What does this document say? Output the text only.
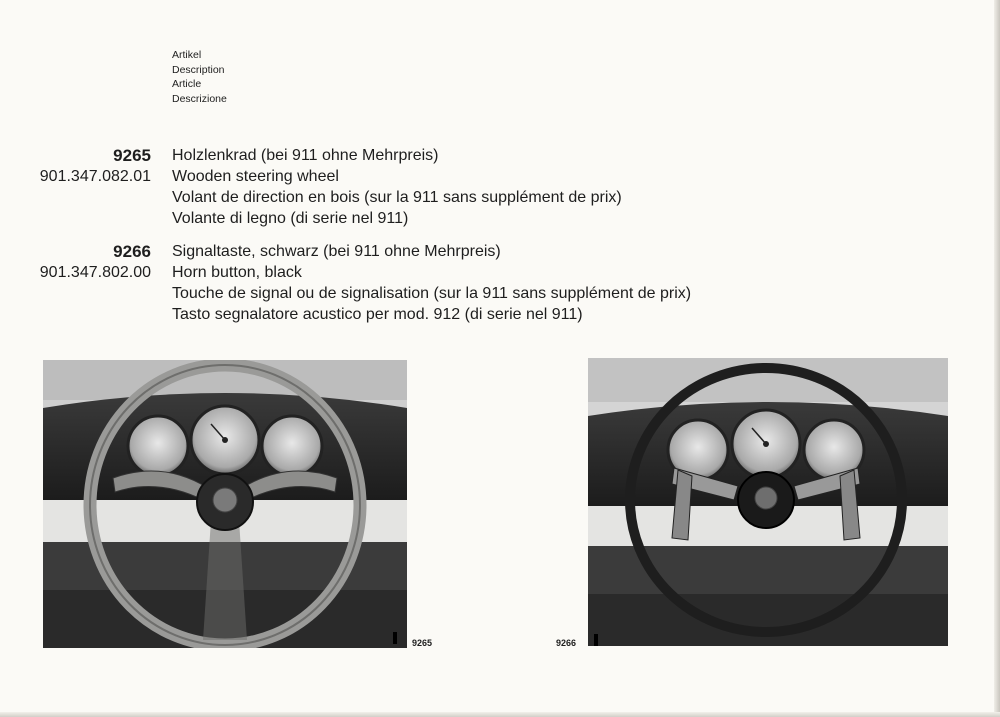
Artikel
Description
Article
Descrizione
9265 Holzlenkrad (bei 911 ohne Mehrpreis)
901.347.082.01 Wooden steering wheel
Volant de direction en bois (sur la 911 sans supplément de prix)
Volante di legno (di serie nel 911)
9266 Signaltaste, schwarz (bei 911 ohne Mehrpreis)
901.347.802.00 Horn button, black
Touche de signal ou de signalisation (sur la 911 sans supplément de prix)
Tasto segnalatore acustico per mod. 912 (di serie nel 911)
9265	9266
